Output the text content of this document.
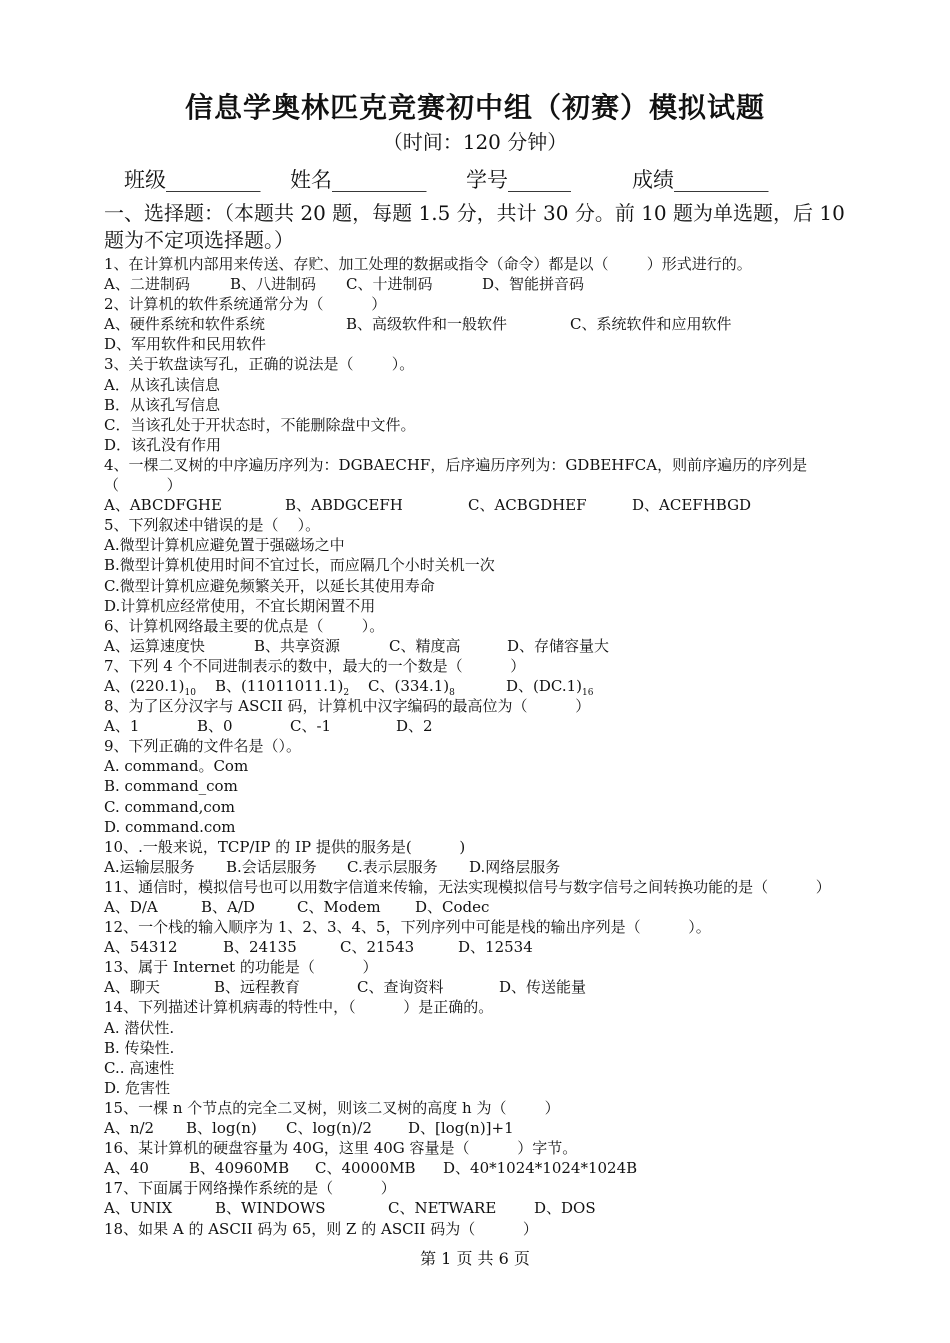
信息学奥林匹克竞赛初中组（初赛）模拟试题
（时间：120 分钟）
班级_________ 姓名_________ 学号______	成绩_________
一、选择题：（本题共 20 题，每题 1.5 分，共计 30 分。前 10 题为单选题，后 10 题为不定项选择题。）
1、在计算机内部用来传送、存贮、加工处理的数据或指令（命令）都是以（        ）形式进行的。
A、二进制码	B、八进制码 C、十进制码	D、智能拼音码
2、计算机的软件系统通常分为（          ）
A、硬件系统和软件系统	B、高级软件和一般软件	C、系统软件和应用软件
D、军用软件和民用软件
3、关于软盘读写孔，正确的说法是（        ）。
A．从该孔读信息
B．从该孔写信息
C．当该孔处于开状态时，不能删除盘中文件。
D．该孔没有作用
4、一棵二叉树的中序遍历序列为：DGBAECHF，后序遍历序列为：GDBEHFCA，则前序遍历的序列是
（          ）
A、ABCDFGHE	B、ABDGCEFH	C、ACBGDHEF	D、ACEFHBGD
5、下列叙述中错误的是（    ）。
A.微型计算机应避免置于强磁场之中
B.微型计算机使用时间不宜过长，而应隔几个小时关机一次
C.微型计算机应避免频繁关开，以延长其使用寿命
D.计算机应经常使用，不宜长期闲置不用
6、计算机网络最主要的优点是（        ）。
A、运算速度快	B、共享资源	C、精度高	D、存储容量大
7、下列 4 个不同进制表示的数中，最大的一个数是（          ）
A、$(220.1)_{10}$ B、$(11011011.1)_2$ C、$(334.1)_8$	D、$(DC.1)_{16}$
8、为了区分汉字与 ASCII 码，计算机中汉字编码的最高位为（          ）
A、1	B、0	C、-1	D、2
9、下列正确的文件名是（）。
A. command。Com
B. command_com
C. command,com
D. command.com
10、.一般来说，TCP/IP 的 IP 提供的服务是(          )
A.运输层服务 B.会话层服务 C.表示层服务 D.网络层服务
11、通信时，模拟信号也可以用数字信道来传输，无法实现模拟信号与数字信号之间转换功能的是（          ）
A、D/A	B、A/D	C、Modem D、Codec
12、一个栈的输入顺序为 1、2、3、4、5，下列序列中可能是栈的输出序列是（          ）。
A、54312	B、24135	C、21543	D、12534
13、属于 Internet 的功能是（          ）
A、聊天	B、远程教育	C、查询资料	D、传送能量
14、下列描述计算机病毒的特性中，（          ）是正确的。
A. 潜伏性.
B. 传染性.
C.. 高速性
D. 危害性
15、一棵 n 个节点的完全二叉树，则该二叉树的高度 h 为（        ）
A、n/2 B、log(n) C、log(n)/2 D、[log(n)]+1
16、某计算机的硬盘容量为 40G，这里 40G 容量是（          ）字节。
A、40	B、40960MB C、40000MB D、40*1024*1024*1024B
17、下面属于网络操作系统的是（          ）
A、UNIX	B、WINDOWS	C、NETWARE	D、DOS
18、如果 A 的 ASCII 码为 65，则 Z 的 ASCII 码为（          ）
第 1 页 共 6 页
